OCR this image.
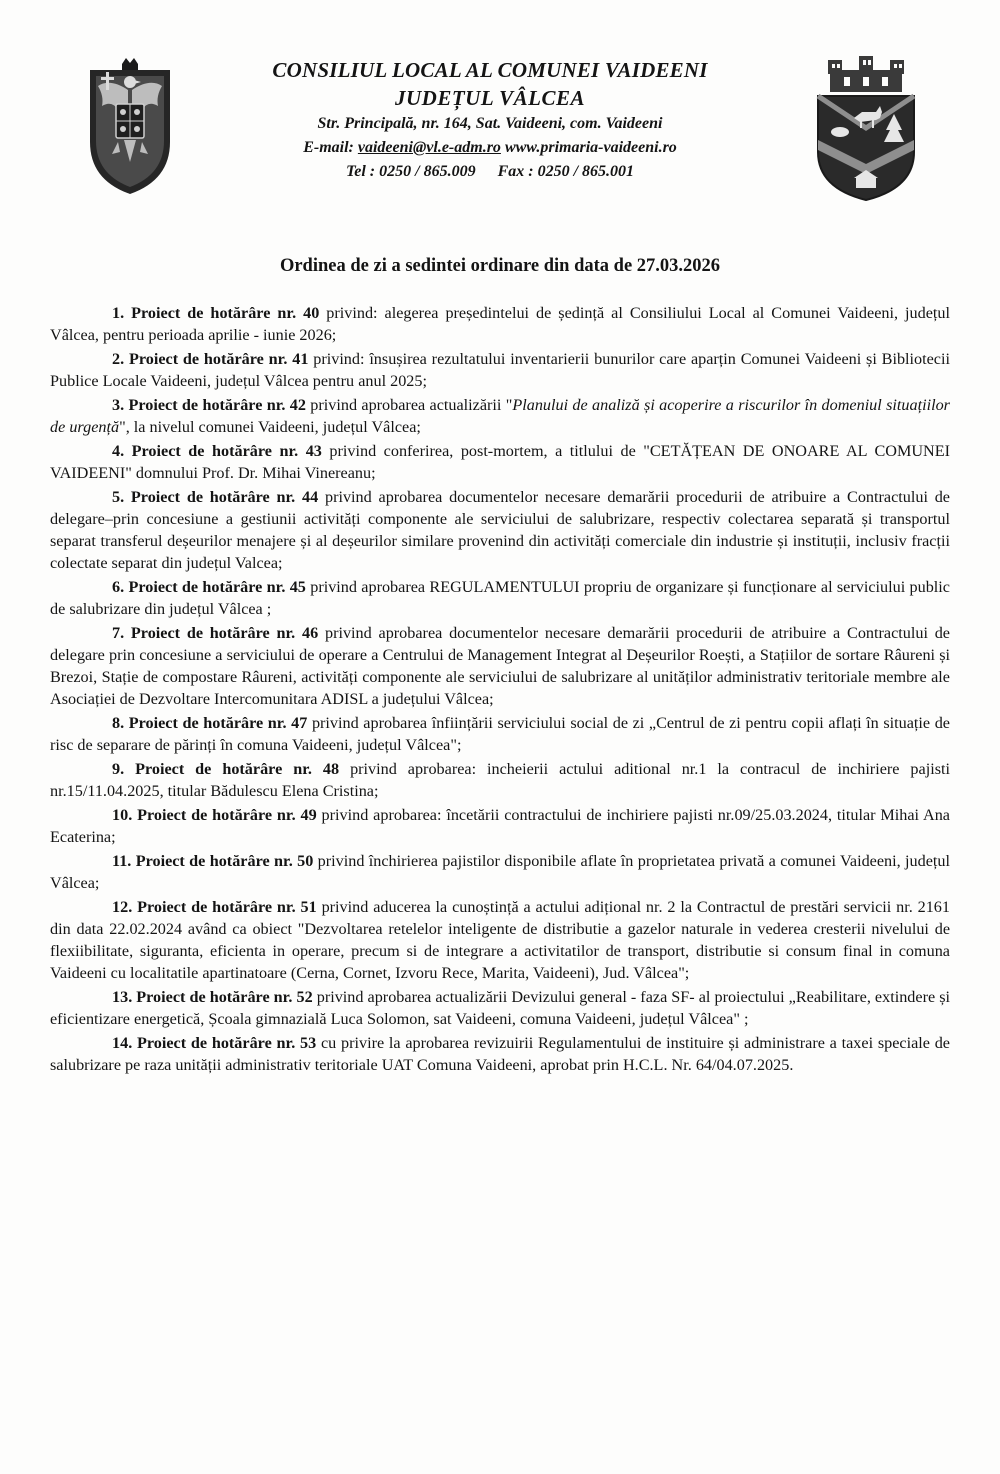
CONSILIUL LOCAL AL COMUNEI VAIDEENI
JUDEȚUL VÂLCEA
Str. Principală, nr. 164, Sat. Vaideeni, com. Vaideeni
E-mail: vaideeni@vl.e-adm.ro www.primaria-vaideeni.ro
Tel : 0250 / 865.009 Fax : 0250 / 865.001
Ordinea de zi a sedintei ordinare din data de 27.03.2026

1. Proiect de hotărâre nr. 40 privind: alegerea președintelui de ședință al Consiliului Local al Comunei Vaideeni, județul Vâlcea, pentru perioada aprilie - iunie 2026;

2. Proiect de hotărâre nr. 41 privind: însușirea rezultatului inventarierii bunurilor care aparțin Comunei Vaideeni și Bibliotecii Publice Locale Vaideeni, județul Vâlcea pentru anul 2025;

3. Proiect de hotărâre nr. 42 privind aprobarea actualizării "Planului de analiză și acoperire a riscurilor în domeniul situațiilor de urgență", la nivelul comunei Vaideeni, județul Vâlcea;

4. Proiect de hotărâre nr. 43 privind conferirea, post-mortem, a titlului de "CETĂȚEAN DE ONOARE AL COMUNEI VAIDEENI" domnului Prof. Dr. Mihai Vinereanu;

5. Proiect de hotărâre nr. 44 privind aprobarea documentelor necesare demarării procedurii de atribuire a Contractului de delegare–prin concesiune a gestiunii activități componente ale serviciului de salubrizare, respectiv colectarea separată și transportul separat transferul deșeurilor menajere și al deșeurilor similare provenind din activități comerciale din industrie și instituții, inclusiv fracții colectate separat din județul Valcea;

6. Proiect de hotărâre nr. 45 privind aprobarea REGULAMENTULUI propriu de organizare și funcționare al serviciului public de salubrizare din județul Vâlcea ;

7. Proiect de hotărâre nr. 46 privind aprobarea documentelor necesare demarării procedurii de atribuire a Contractului de delegare prin concesiune a serviciului de operare a Centrului de Management Integrat al Deșeurilor Roești, a Stațiilor de sortare Râureni și Brezoi, Stație de compostare Râureni, activități componente ale serviciului de salubrizare al unităților administrativ teritoriale membre ale Asociației de Dezvoltare Intercomunitara ADISL a județului Vâlcea;

8. Proiect de hotărâre nr. 47 privind aprobarea înființării serviciului social de zi „Centrul de zi pentru copii aflați în situație de risc de separare de părinți în comuna Vaideeni, județul Vâlcea";

9. Proiect de hotărâre nr. 48 privind aprobarea: incheierii actului aditional nr.1 la contracul de inchiriere pajisti nr.15/11.04.2025, titular Bădulescu Elena Cristina;

10. Proiect de hotărâre nr. 49 privind aprobarea: încetării contractului de inchiriere pajisti nr.09/25.03.2024, titular Mihai Ana Ecaterina;

11. Proiect de hotărâre nr. 50 privind închirierea pajistilor disponibile aflate în proprietatea privată a comunei Vaideeni, județul Vâlcea;

12. Proiect de hotărâre nr. 51 privind aducerea la cunoștință a actului adițional nr. 2 la Contractul de prestări servicii nr. 2161 din data 22.02.2024 având ca obiect "Dezvoltarea retelelor inteligente de distributie a gazelor naturale in vederea cresterii nivelului de flexiibilitate, siguranta, eficienta in operare, precum si de integrare a activitatilor de transport, distributie si consum final in comuna Vaideeni cu localitatile apartinatoare (Cerna, Cornet, Izvoru Rece, Marita, Vaideeni), Jud. Vâlcea";

13. Proiect de hotărâre nr. 52 privind aprobarea actualizării Devizului general - faza SF- al proiectului „Reabilitare, extindere și eficientizare energetică, Școala gimnazială Luca Solomon, sat Vaideeni, comuna Vaideeni, județul Vâlcea" ;

14. Proiect de hotărâre nr. 53 cu privire la aprobarea revizuirii Regulamentului de instituire și administrare a taxei speciale de salubrizare pe raza unității administrativ teritoriale UAT Comuna Vaideeni, aprobat prin H.C.L. Nr. 64/04.07.2025.
